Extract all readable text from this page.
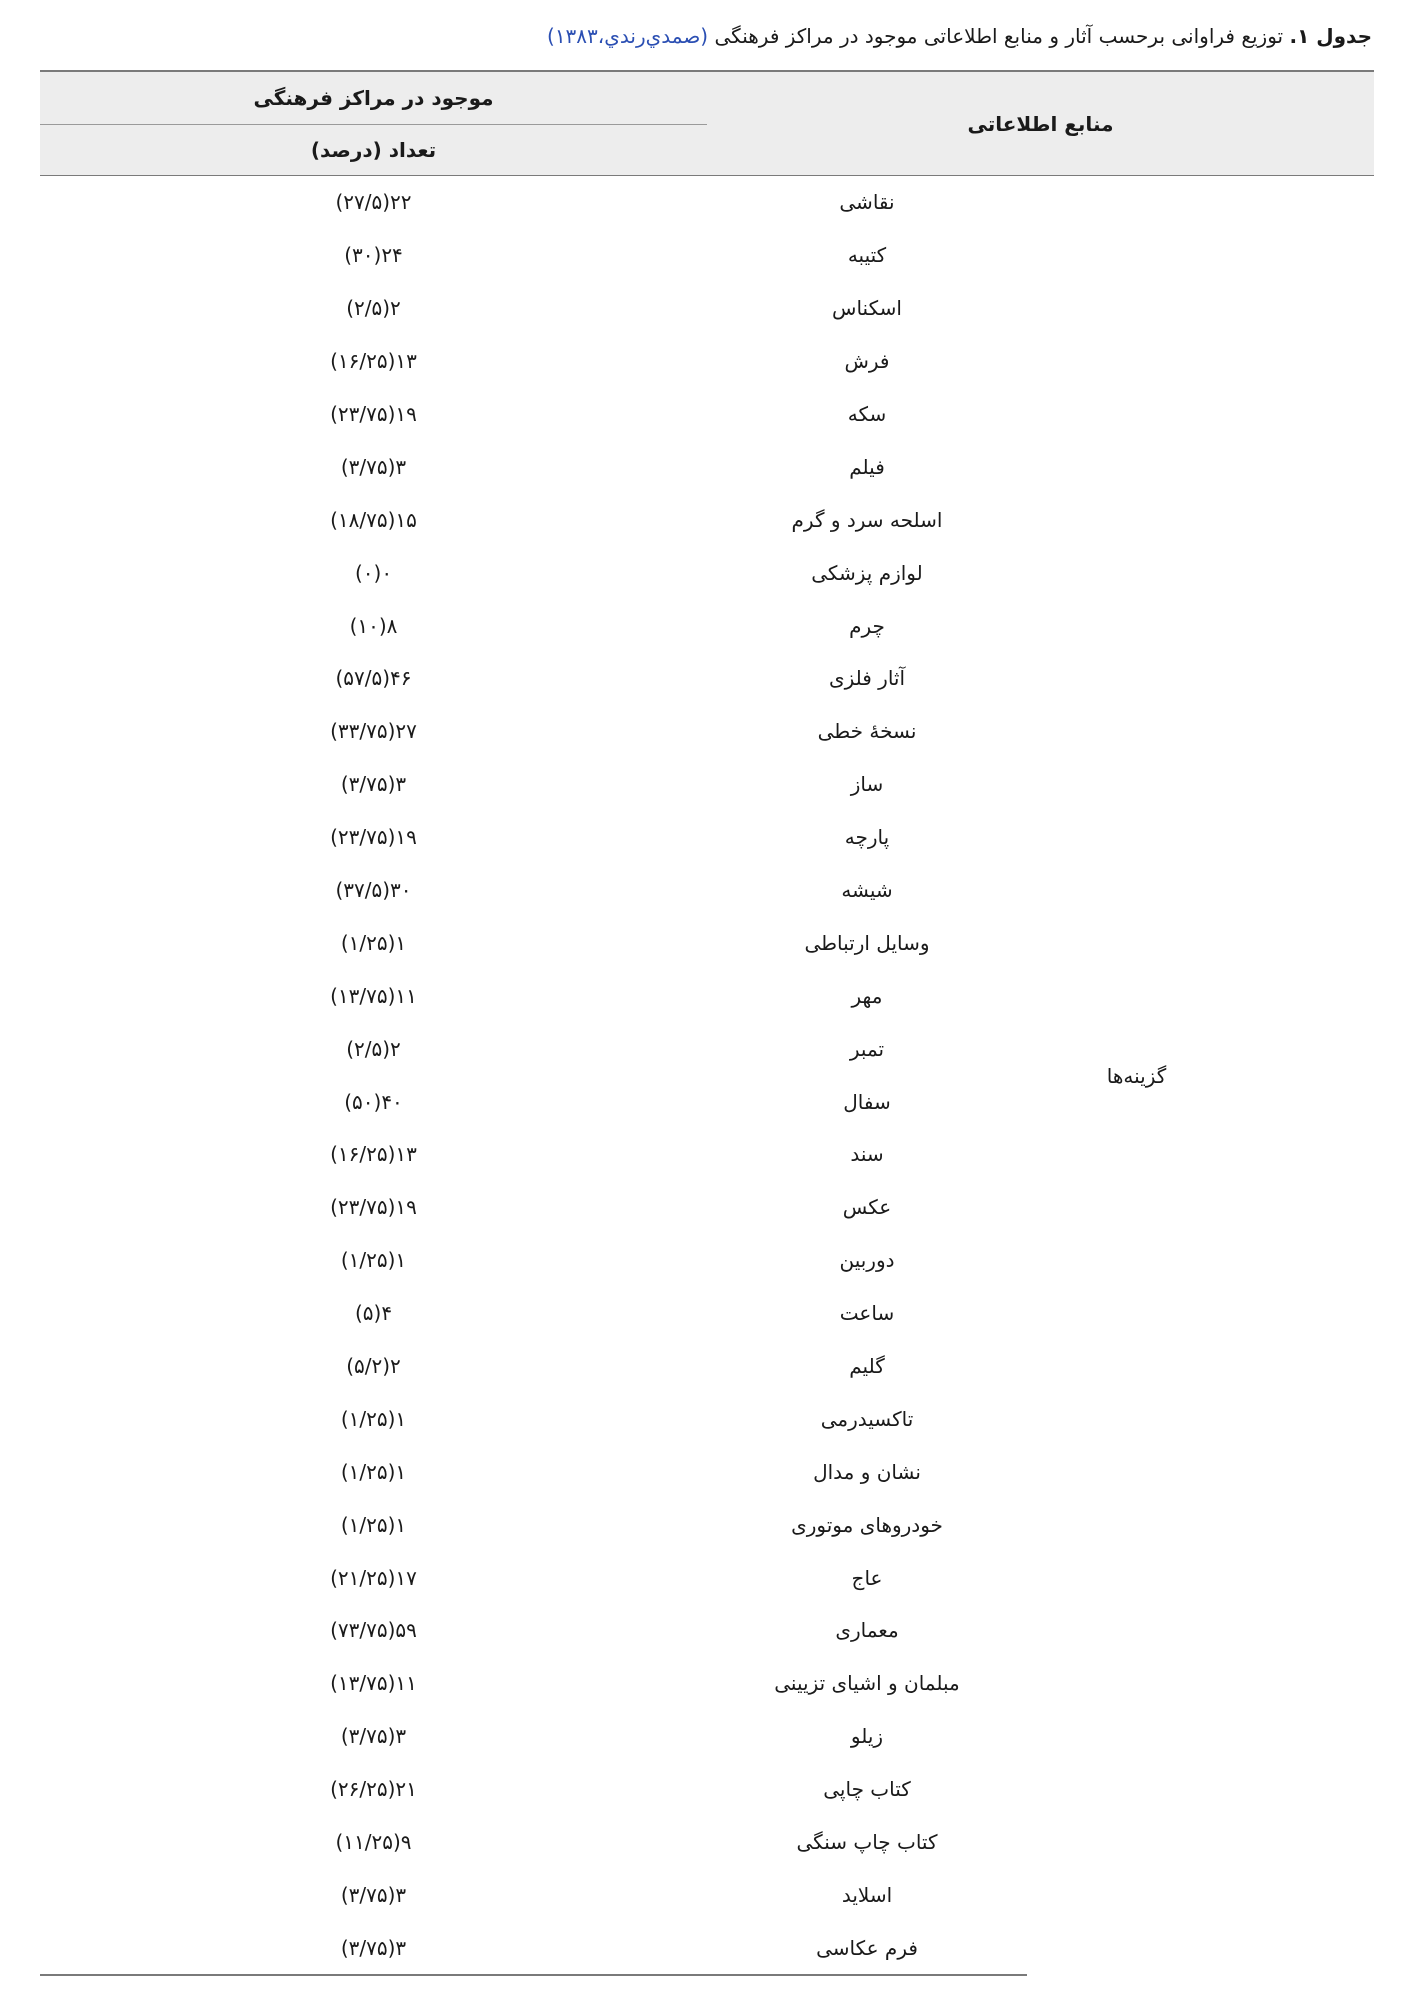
جدول ۱. توزیع فراوانی برحسب آثار و منابع اطلاعاتی موجود در مراکز فرهنگی (صمدي‌رندي،۱۳۸۳)
منابع اطلاعاتی		موجود در مراکز فرهنگی
		تعداد (درصد)
گزینه‌ها	نقاشی	۲۲(۲۷/۵)
	کتیبه	۲۴(۳۰)
	اسکناس	۲(۲/۵)
	فرش	۱۳(۱۶/۲۵)
	سکه	۱۹(۲۳/۷۵)
	فیلم	۳(۳/۷۵)
	اسلحه سرد و گرم	۱۵(۱۸/۷۵)
	لوازم پزشکی	۰(۰)
	چرم	۸(۱۰)
	آثار فلزی	۴۶(۵۷/۵)
	نسخهٔ خطی	۲۷(۳۳/۷۵)
	ساز	۳(۳/۷۵)
	پارچه	۱۹(۲۳/۷۵)
	شیشه	۳۰(۳۷/۵)
	وسایل ارتباطی	۱(۱/۲۵)
	مهر	۱۱(۱۳/۷۵)
	تمبر	۲(۲/۵)
	سفال	۴۰(۵۰)
	سند	۱۳(۱۶/۲۵)
	عکس	۱۹(۲۳/۷۵)
	دوربین	۱(۱/۲۵)
	ساعت	۴(۵)
	گلیم	۲(۵/۲)
	تاکسیدرمی	۱(۱/۲۵)
	نشان و مدال	۱(۱/۲۵)
	خودروهای موتوری	۱(۱/۲۵)
	عاج	۱۷(۲۱/۲۵)
	معماری	۵۹(۷۳/۷۵)
	مبلمان و اشیای تزیینی	۱۱(۱۳/۷۵)
	زیلو	۳(۳/۷۵)
	کتاب چاپی	۲۱(۲۶/۲۵)
	کتاب چاپ سنگی	۹(۱۱/۲۵)
	اسلاید	۳(۳/۷۵)
	فرم عکاسی	۳(۳/۷۵)
